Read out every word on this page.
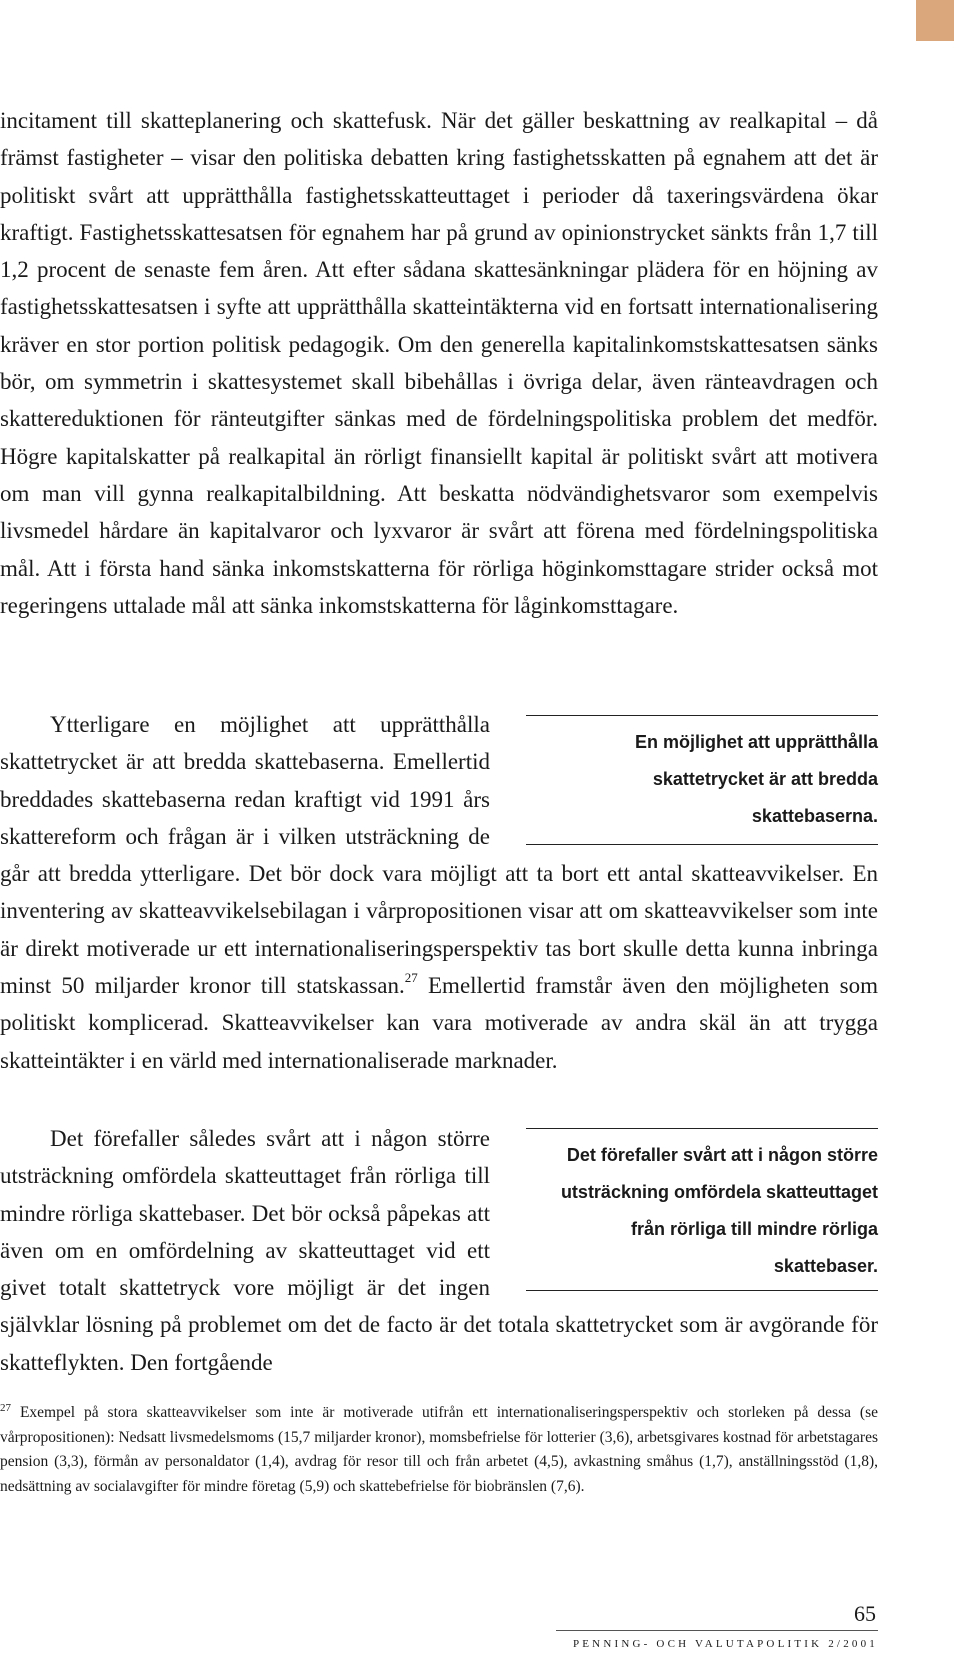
incitament till skatteplanering och skattefusk. När det gäller beskattning av realkapital – då främst fastigheter – visar den politiska debatten kring fastighetsskatten på egnahem att det är politiskt svårt att upprätthålla fastighetsskatteuttaget i perioder då taxeringsvärdena ökar kraftigt. Fastighetsskattesatsen för egnahem har på grund av opinionstrycket sänkts från 1,7 till 1,2 procent de senaste fem åren. Att efter sådana skattesänkningar plädera för en höjning av fastighetsskattesatsen i syfte att upprätthålla skatteintäkterna vid en fortsatt internationalisering kräver en stor portion politisk pedagogik. Om den generella kapitalinkomstskattesatsen sänks bör, om symmetrin i skattesystemet skall bibehållas i övriga delar, även ränteavdragen och skattereduktionen för ränteutgifter sänkas med de fördelningspolitiska problem det medför. Högre kapitalskatter på realkapital än rörligt finansiellt kapital är politiskt svårt att motivera om man vill gynna realkapitalbildning. Att beskatta nödvändighetsvaror som exempelvis livsmedel hårdare än kapitalvaror och lyxvaror är svårt att förena med fördelningspolitiska mål. Att i första hand sänka inkomstskatterna för rörliga höginkomsttagare strider också mot regeringens uttalade mål att sänka inkomstskatterna för låginkomsttagare.

En möjlighet att upprätthålla skattetrycket är att bredda skattebaserna.

Ytterligare en möjlighet att upprätthålla skattetrycket är att bredda skattebaserna. Emellertid breddades skattebaserna redan kraftigt vid 1991 års skattereform och frågan är i vilken utsträckning de går att bredda ytterligare. Det bör dock vara möjligt att ta bort ett antal skatteavvikelser. En inventering av skatteavvikelsebilagan i vårpropositionen visar att om skatteavvikelser som inte är direkt motiverade ur ett internationaliseringsperspektiv tas bort skulle detta kunna inbringa minst 50 miljarder kronor till statskassan.$^{27}$ Emellertid framstår även den möjligheten som politiskt komplicerad. Skatteavvikelser kan vara motiverade av andra skäl än att trygga skatteintäkter i en värld med internationaliserade marknader.

Det förefaller svårt att i någon större utsträckning omfördela skatteuttaget från rörliga till mindre rörliga skattebaser.

Det förefaller således svårt att i någon större utsträckning omfördela skatteuttaget från rörliga till mindre rörliga skattebaser. Det bör också påpekas att även om en omfördelning av skatteuttaget vid ett givet totalt skattetryck vore möjligt är det ingen självklar lösning på problemet om det de facto är det totala skattetrycket som är avgörande för skatteflykten. Den fortgående

$^{27}$ Exempel på stora skatteavvikelser som inte är motiverade utifrån ett internationaliseringsperspektiv och storleken på dessa (se vårpropositionen): Nedsatt livsmedelsmoms (15,7 miljarder kronor), momsbefrielse för lotterier (3,6), arbetsgivares kostnad för arbetstagares pension (3,3), förmån av personaldator (1,4), avdrag för resor till och från arbetet (4,5), avkastning småhus (1,7), anställningsstöd (1,8), nedsättning av socialavgifter för mindre företag (5,9) och skattebefrielse för biobränslen (7,6).

65
PENNING- OCH VALUTAPOLITIK 2/2001
